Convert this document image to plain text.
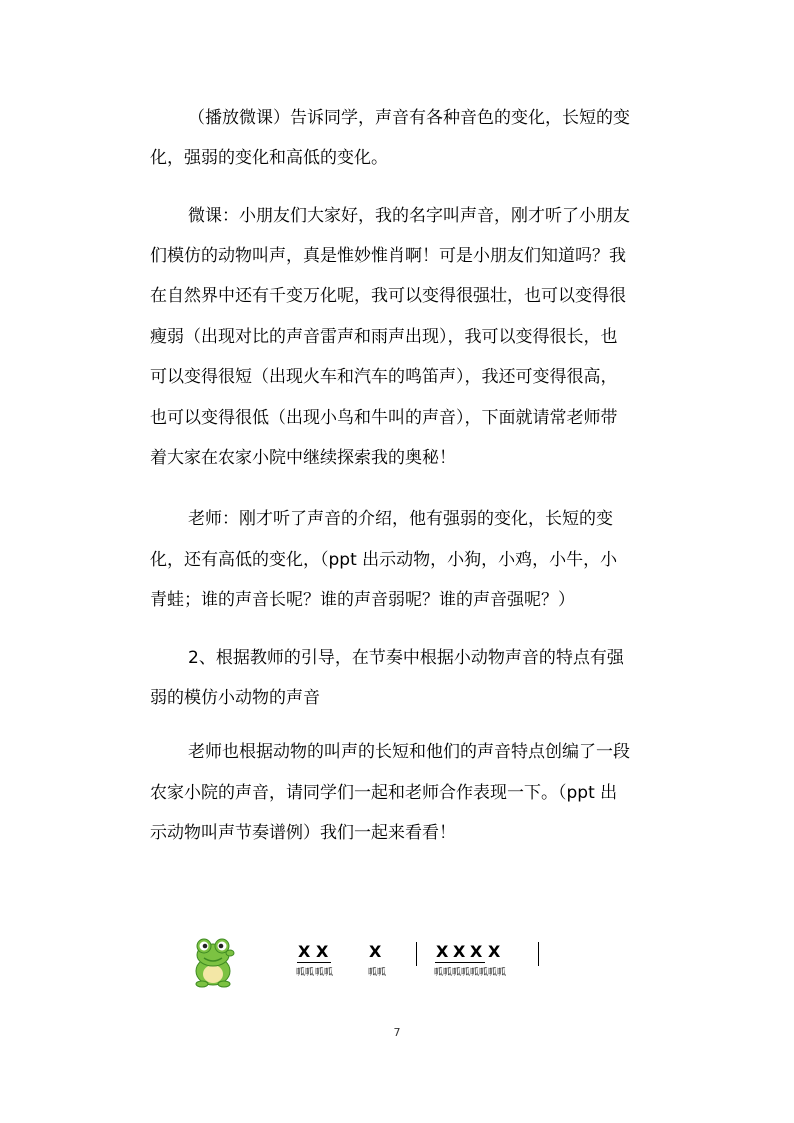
（播放微课）告诉同学，声音有各种音色的变化，长短的变
化，强弱的变化和高低的变化。
微课：小朋友们大家好，我的名字叫声音，刚才听了小朋友
们模仿的动物叫声，真是惟妙惟肖啊！可是小朋友们知道吗？我
在自然界中还有千变万化呢，我可以变得很强壮，也可以变得很
瘦弱（出现对比的声音雷声和雨声出现），我可以变得很长，也
可以变得很短（出现火车和汽车的鸣笛声），我还可变得很高，
也可以变得很低（出现小鸟和牛叫的声音），下面就请常老师带
着大家在农家小院中继续探索我的奥秘！
老师：刚才听了声音的介绍，他有强弱的变化，长短的变
化，还有高低的变化，（ppt 出示动物，小狗，小鸡，小牛，小
青蛙；谁的声音长呢？谁的声音弱呢？谁的声音强呢？）
2、根据教师的引导，在节奏中根据小动物声音的特点有强
弱的模仿小动物的声音
老师也根据动物的叫声的长短和他们的声音特点创编了一段
农家小院的声音，请同学们一起和老师合作表现一下。（ppt 出
示动物叫声节奏谱例）我们一起来看看！
X X	X
呱呱 呱呱	呱呱
X X X X
呱呱 呱呱 呱呱 呱呱
7
